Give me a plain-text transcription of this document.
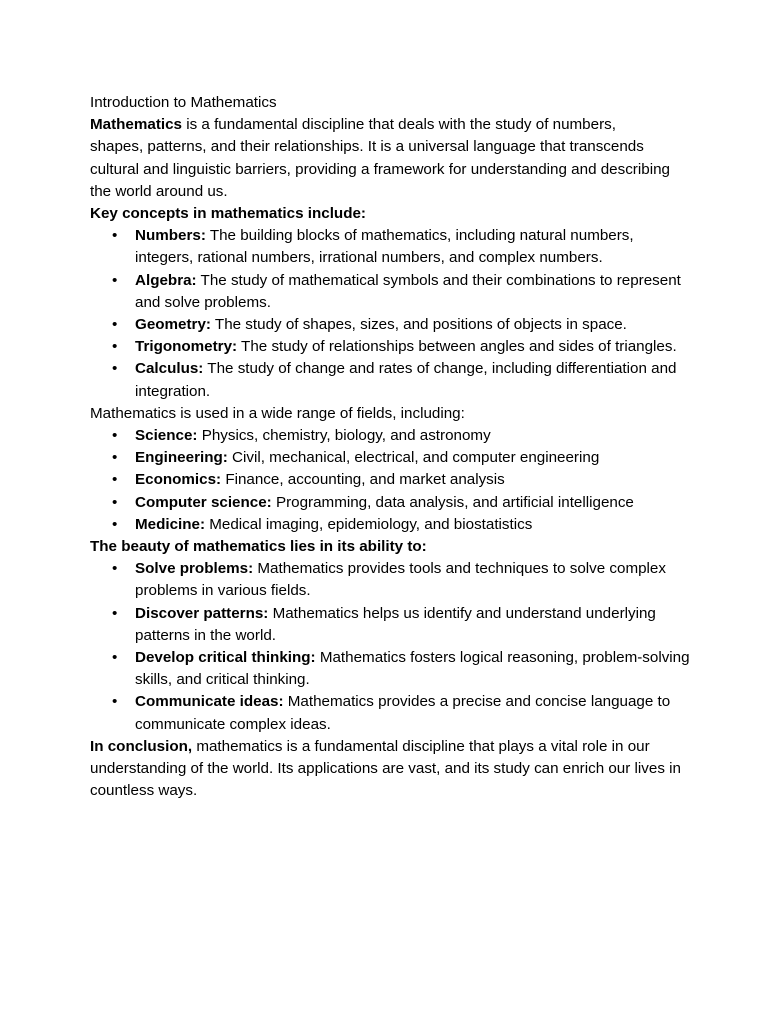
Introduction to Mathematics

Mathematics is a fundamental discipline that deals with the study of numbers, shapes, patterns, and their relationships. It is a universal language that transcends cultural and linguistic barriers, providing a framework for understanding and describing the world around us.

Key concepts in mathematics include:

• Numbers: The building blocks of mathematics, including natural numbers, integers, rational numbers, irrational numbers, and complex numbers.
• Algebra: The study of mathematical symbols and their combinations to represent and solve problems.
• Geometry: The study of shapes, sizes, and positions of objects in space.
• Trigonometry: The study of relationships between angles and sides of triangles.
• Calculus: The study of change and rates of change, including differentiation and integration.

Mathematics is used in a wide range of fields, including:

• Science: Physics, chemistry, biology, and astronomy
• Engineering: Civil, mechanical, electrical, and computer engineering
• Economics: Finance, accounting, and market analysis
• Computer science: Programming, data analysis, and artificial intelligence
• Medicine: Medical imaging, epidemiology, and biostatistics

The beauty of mathematics lies in its ability to:

• Solve problems: Mathematics provides tools and techniques to solve complex problems in various fields.
• Discover patterns: Mathematics helps us identify and understand underlying patterns in the world.
• Develop critical thinking: Mathematics fosters logical reasoning, problem-solving skills, and critical thinking.
• Communicate ideas: Mathematics provides a precise and concise language to communicate complex ideas.

In conclusion, mathematics is a fundamental discipline that plays a vital role in our understanding of the world. Its applications are vast, and its study can enrich our lives in countless ways.
